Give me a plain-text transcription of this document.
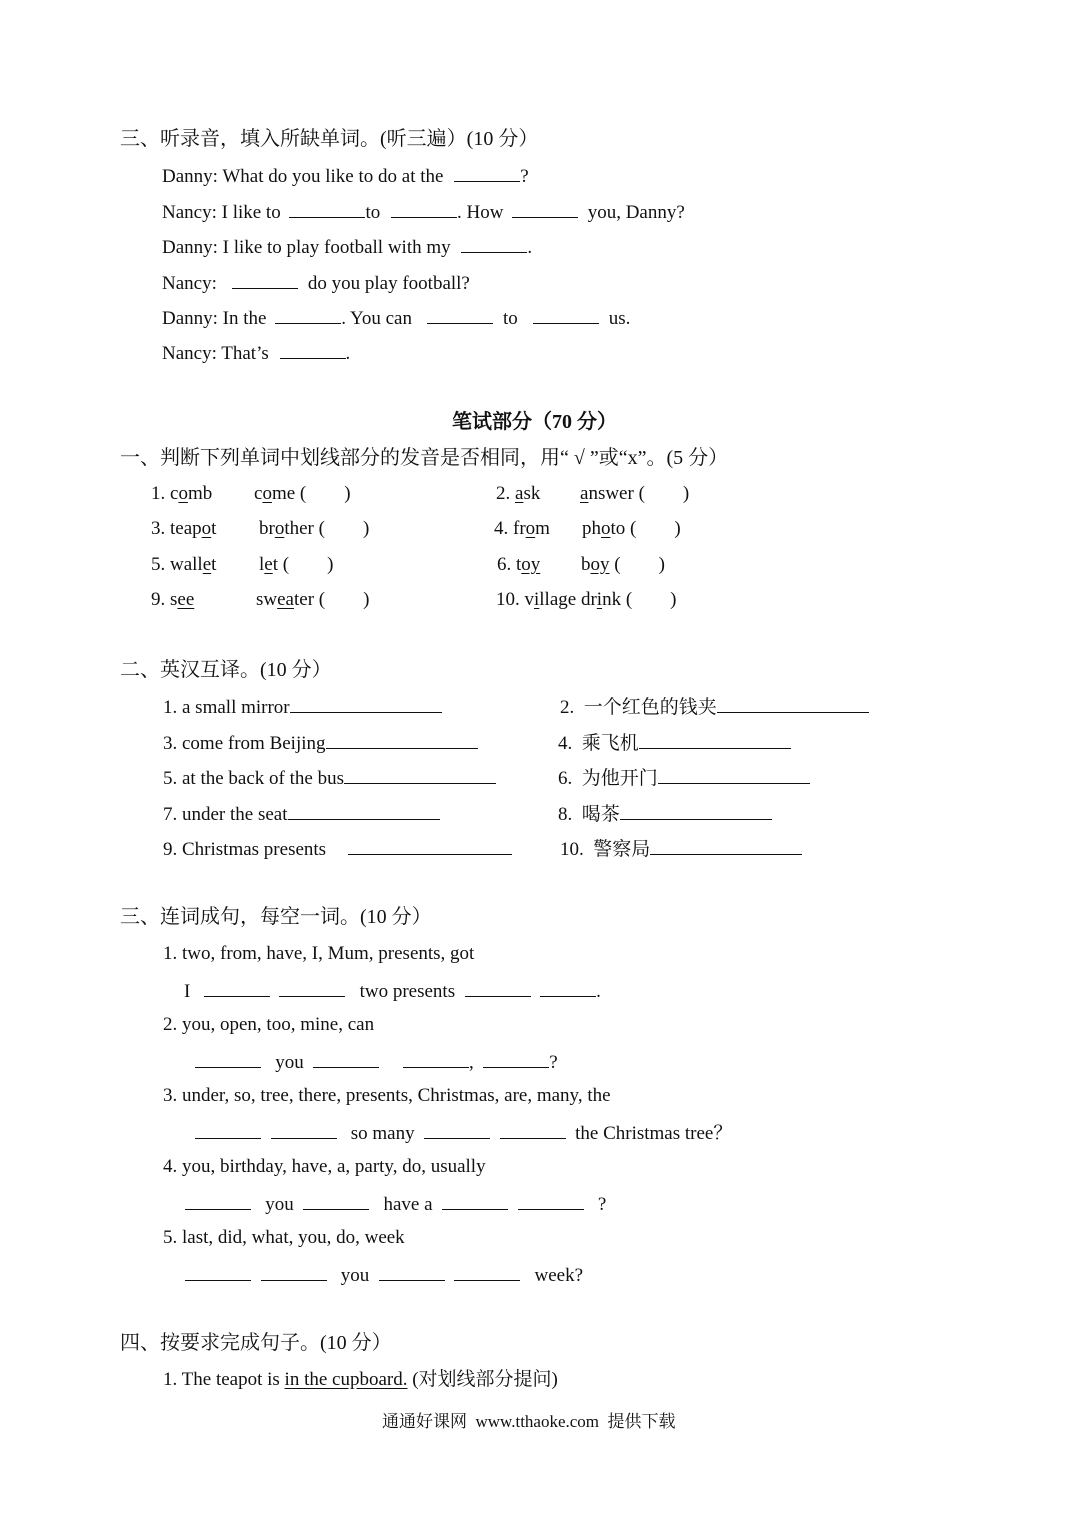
三、听录音，填入所缺单词。(听三遍）(10 分）
Danny: What do you like to do at the	?
Nancy: I like to	to	. How	you, Danny?
Danny: I like to play football with my	.
Nancy:	do you play football?
Danny: In the	. You can	to	us.
Nancy: That’s	.
笔试部分（70 分）
一、判断下列单词中划线部分的发音是否相同，用“ √ ”或“x”。(5 分）
1. comb come (　　)	2. ask answer (　　)
3. teapot brother (　　)	4. from photo (　　)
5. wallet let (　　)	6. toy boy (　　)
9. see	sweater (　　)	10. village drink (　　)
二、英汉互译。(10 分）
1. a small mirror	2.  一个红色的钱夹
3. come from Beijing	4.  乘飞机
5. at the back of the bus	6.  为他开门
7. under the seat	8.  喝茶
9. Christmas presents	10.  警察局
三、连词成句，每空一词。(10 分）
1. two, from, have, I, Mum, presents, got
I	two presents	.
2. you, open, too, mine, can
you	,	?
3. under, so, tree, there, presents, Christmas, are, many, the
so many	the Christmas tree？
4. you, birthday, have, a, party, do, usually
you	have a	?
5. last, did, what, you, do, week
you	week?
四、按要求完成句子。(10 分）
1. The teapot is in the cupboard. (对划线部分提问)
通通好课网  www.tthaoke.com  提供下载
